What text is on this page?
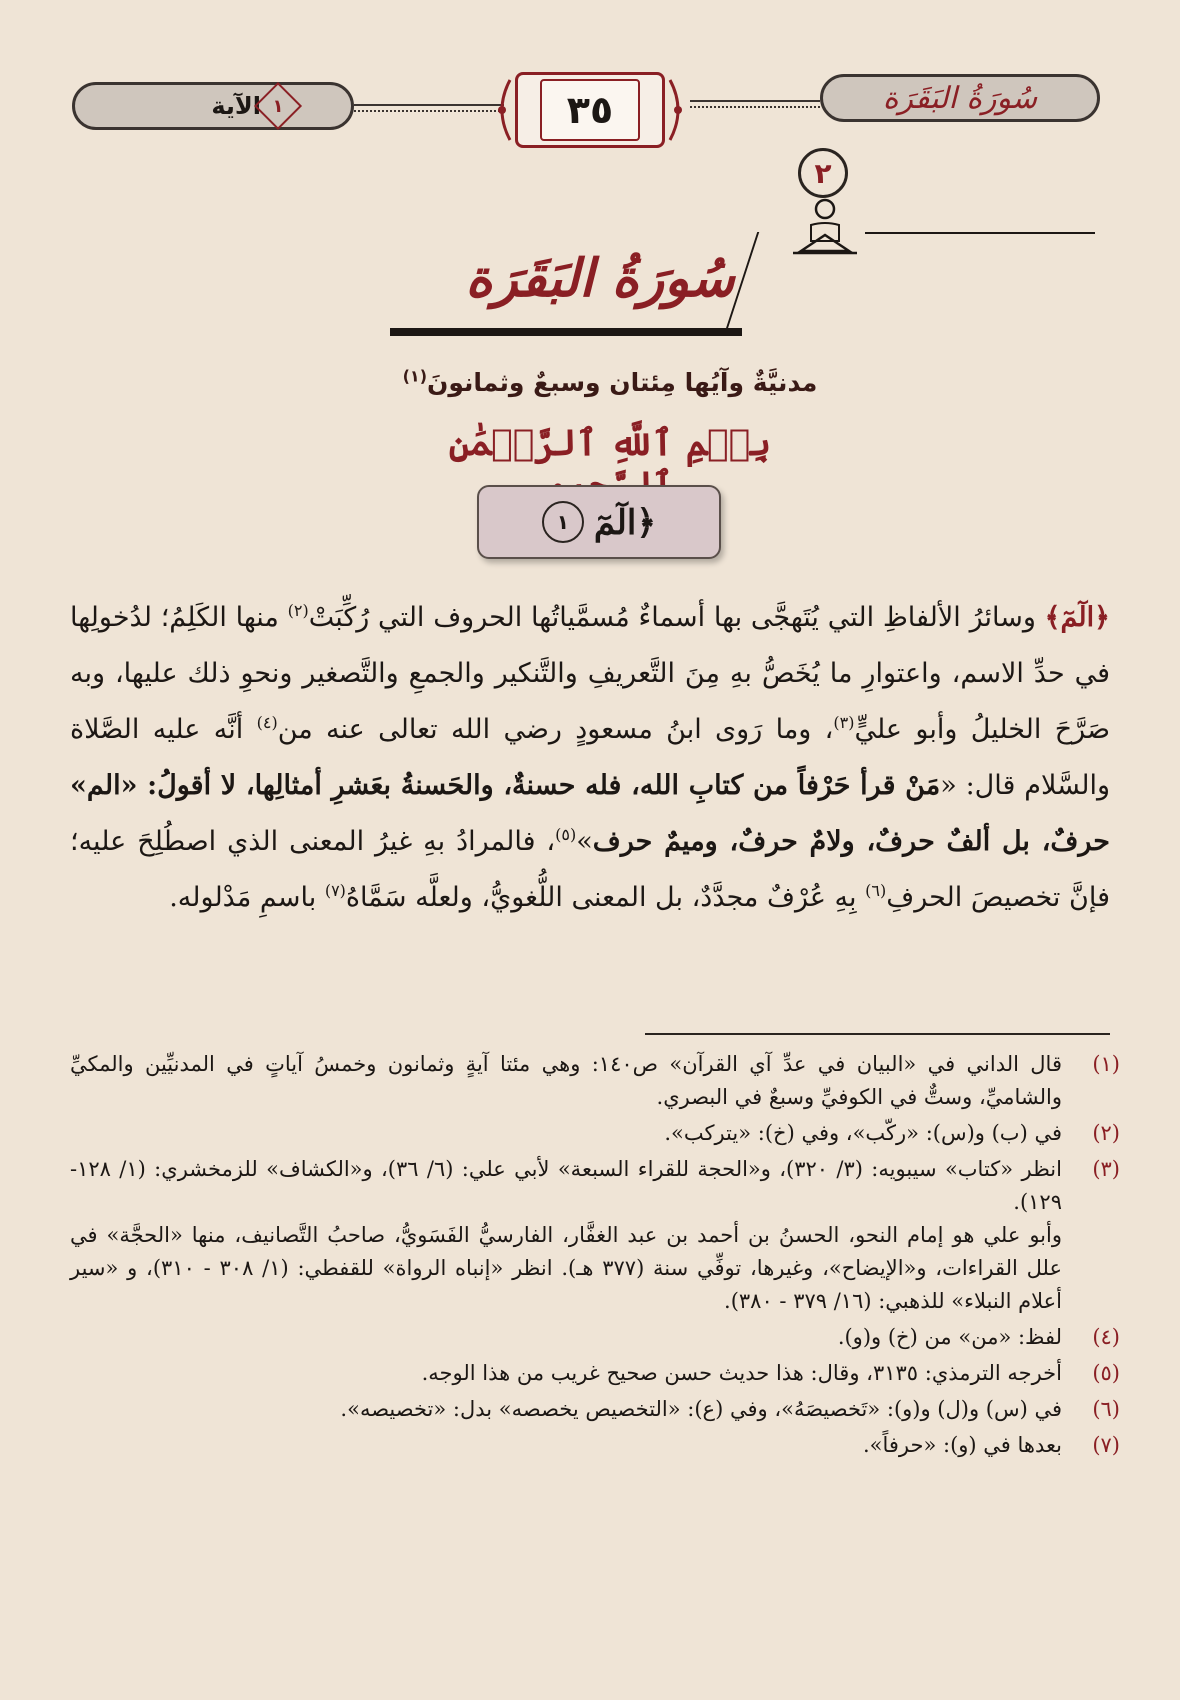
الآية ١	٣٥	سُورَةُ البَقَرَة
٢
سُورَةُ البَقَرَة
مدنيَّةٌ وآيُها مِئتان وسبعٌ وثمانونَ$^{(١)}$
بِسۡمِ ٱللَّهِ ٱلرَّحۡمَٰنِ
﴿الٓمٓ
١
﴿الٓمٓ﴾ وسائرُ الألفاظِ التي يُتَهجَّى بها أسماءٌ مُسمَّياتُها الحروف التي رُكِّبَتْ$^{(٢)}$ منها الكَلِمُ؛ لدُخولِها في حدِّ الاسم، واعتوارِ ما يُخَصُّ بهِ مِنَ التَّعريفِ والتَّنكير والجمعِ والتَّصغير ونحوِ ذلك عليها، وبه صَرَّحَ الخليلُ وأبو عليٍّ$^{(٣)}$، وما رَوى ابنُ مسعودٍ رضي الله تعالى عنه من$^{(٤)}$ أنَّه عليه الصَّلاة والسَّلام قال: «مَنْ قرأ حَرْفاً من كتابِ الله، فله حسنةٌ، والحَسنةُ بعَشرِ أمثالِها، لا أقولُ: «الم» حرفٌ، بل ألفٌ حرفٌ، ولامٌ حرفٌ، وميمٌ حرف»$^{(٥)}$، فالمرادُ بهِ غيرُ المعنى الذي اصطُلِحَ عليه؛ فإنَّ تخصيصَ الحرفِ$^{(٦)}$ بِهِ عُرْفٌ مجدَّدٌ، بل المعنى اللُّغويُّ، ولعلَّه سَمَّاهُ$^{(٧)}$ باسمِ مَدْلوله.
(١)

قال الداني في «البيان في عدِّ آي القرآن» ص١٤٠: وهي مئتا آيةٍ وثمانون وخمسُ آياتٍ في المدنيِّين والمكيِّ والشاميِّ، وستٌّ في الكوفيِّ وسبعٌ في البصري.

(٢)

في (ب) و(س): «ركّب»، وفي (خ): «يتركب».

(٣)

انظر «كتاب» سيبويه: (٣/ ٣٢٠)، و«الحجة للقراء السبعة» لأبي علي: (٦/ ٣٦)، و«الكشاف» للزمخشري: (١/ ١٢٨- ١٢٩).

وأبو علي هو إمام النحو، الحسنُ بن أحمد بن عبد الغفَّار، الفارسيُّ الفَسَويُّ، صاحبُ التَّصانيف، منها «الحجَّة» في علل القراءات، و«الإيضاح»، وغيرها، توفِّي سنة (٣٧٧ هـ). انظر «إنباه الرواة» للقفطي: (١/ ٣٠٨ - ٣١٠)، و «سير أعلام النبلاء» للذهبي: (١٦/ ٣٧٩ - ٣٨٠).

(٤)

لفظ: «من» من (خ) و(و).

(٥)

أخرجه الترمذي: ٣١٣٥، وقال: هذا حديث حسن صحيح غريب من هذا الوجه.

(٦)

في (س) و(ل) و(و): «تَخصيصَهُ»، وفي (ع): «التخصيص يخصصه» بدل: «تخصيصه».

(٧)

بعدها في (و): «حرفاً».
